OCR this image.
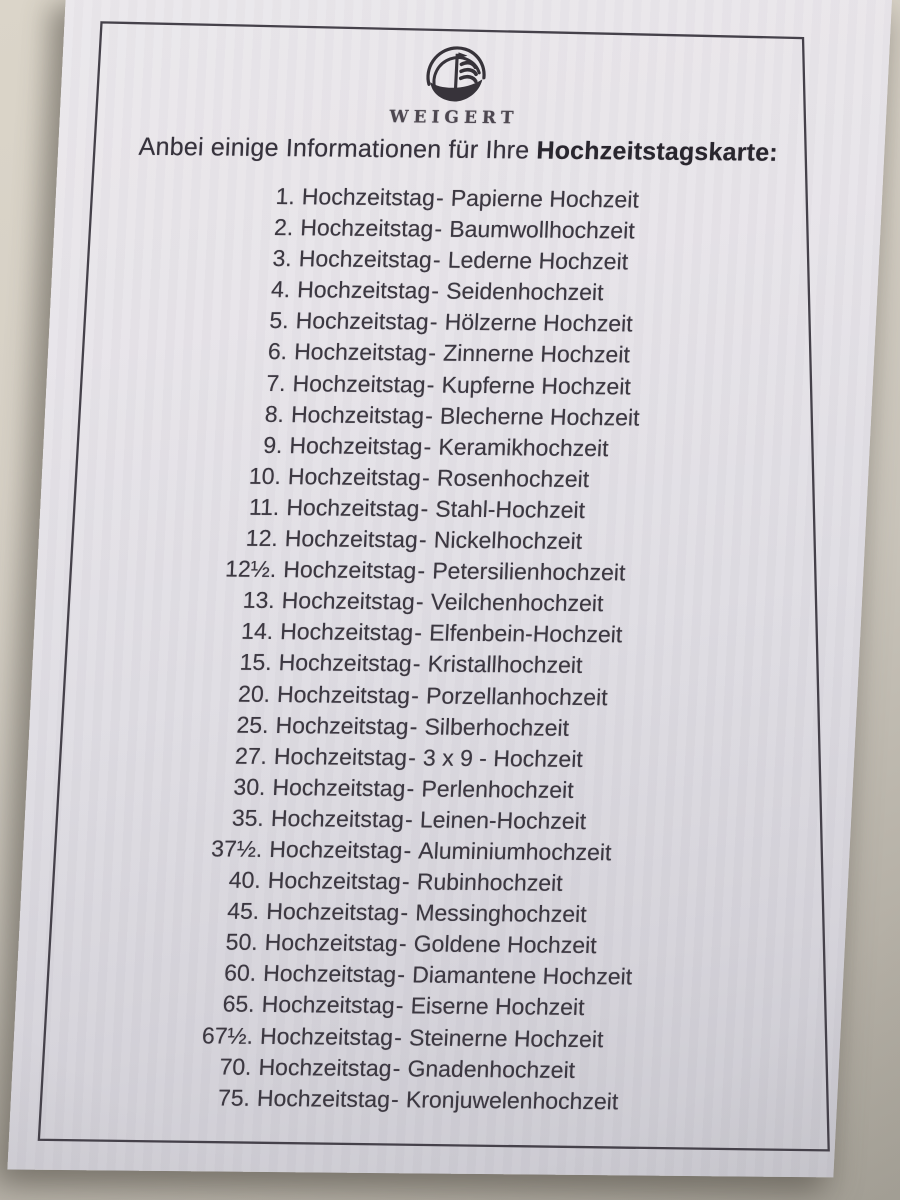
WEIGERT
Anbei einige Informationen für Ihre Hochzeitstagskarte:
1. Hochzeitstag - Papierne Hochzeit
2. Hochzeitstag - Baumwollhochzeit
3. Hochzeitstag - Lederne Hochzeit
4. Hochzeitstag - Seidenhochzeit
5. Hochzeitstag - Hölzerne Hochzeit
6. Hochzeitstag - Zinnerne Hochzeit
7. Hochzeitstag - Kupferne Hochzeit
8. Hochzeitstag - Blecherne Hochzeit
9. Hochzeitstag - Keramikhochzeit
10. Hochzeitstag - Rosenhochzeit
11. Hochzeitstag - Stahl-Hochzeit
12. Hochzeitstag - Nickelhochzeit
12½. Hochzeitstag - Petersilienhochzeit
13. Hochzeitstag - Veilchenhochzeit
14. Hochzeitstag - Elfenbein-Hochzeit
15. Hochzeitstag - Kristallhochzeit
20. Hochzeitstag - Porzellanhochzeit
25. Hochzeitstag - Silberhochzeit
27. Hochzeitstag - 3 x 9 - Hochzeit
30. Hochzeitstag - Perlenhochzeit
35. Hochzeitstag - Leinen-Hochzeit
37½. Hochzeitstag - Aluminiumhochzeit
40. Hochzeitstag - Rubinhochzeit
45. Hochzeitstag - Messinghochzeit
50. Hochzeitstag - Goldene Hochzeit
60. Hochzeitstag - Diamantene Hochzeit
65. Hochzeitstag - Eiserne Hochzeit
67½. Hochzeitstag - Steinerne Hochzeit
70. Hochzeitstag - Gnadenhochzeit
75. Hochzeitstag - Kronjuwelenhochzeit
